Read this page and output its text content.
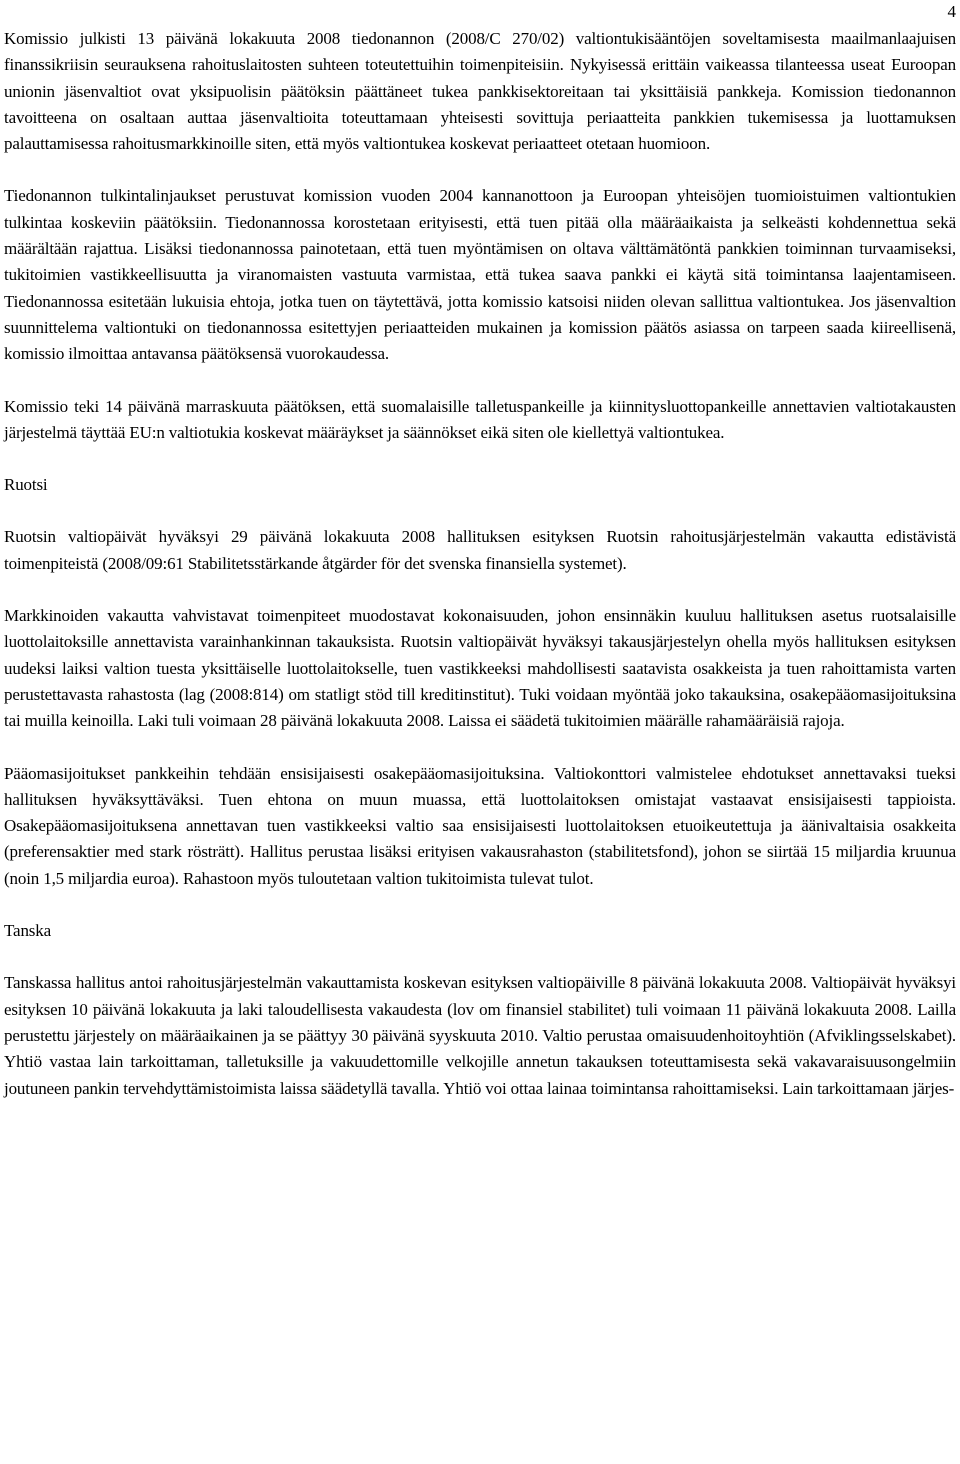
4

Komissio julkisti 13 päivänä lokakuuta 2008 tiedonannon (2008/C 270/02) valtiontukisääntöjen soveltamisesta maailmanlaajuisen finanssikriisin seurauksena rahoituslaitosten suhteen toteutettuihin toimenpiteisiin. Nykyisessä erittäin vaikeassa tilanteessa useat Euroopan unionin jäsenvaltiot ovat yksipuolisin päätöksin päättäneet tukea pankkisektoreitaan tai yksittäisiä pankkeja. Komission tiedonannon tavoitteena on osaltaan auttaa jäsenvaltioita toteuttamaan yhteisesti sovittuja periaatteita pankkien tukemisessa ja luottamuksen palauttamisessa rahoitusmarkkinoille siten, että myös valtiontukea koskevat periaatteet otetaan huomioon.

Tiedonannon tulkintalinjaukset perustuvat komission vuoden 2004 kannanottoon ja Euroopan yhteisöjen tuomioistuimen valtiontukien tulkintaa koskeviin päätöksiin. Tiedonannossa korostetaan erityisesti, että tuen pitää olla määräaikaista ja selkeästi kohdennettua sekä määrältään rajattua. Lisäksi tiedonannossa painotetaan, että tuen myöntämisen on oltava välttämätöntä pankkien toiminnan turvaamiseksi, tukitoimien vastikkeellisuutta ja viranomaisten vastuuta varmistaa, että tukea saava pankki ei käytä sitä toimintansa laajentamiseen. Tiedonannossa esitetään lukuisia ehtoja, jotka tuen on täytettävä, jotta komissio katsoisi niiden olevan sallittua valtiontukea. Jos jäsenvaltion suunnittelema valtiontuki on tiedonannossa esitettyjen periaatteiden mukainen ja komission päätös asiassa on tarpeen saada kiireellisenä, komissio ilmoittaa antavansa päätöksensä vuorokaudessa.

Komissio teki 14 päivänä marraskuuta päätöksen, että suomalaisille talletuspankeille ja kiinnitysluottopankeille annettavien valtiotakausten järjestelmä täyttää EU:n valtiotukia koskevat määräykset ja säännökset eikä siten ole kiellettyä valtiontukea.

Ruotsi

Ruotsin valtiopäivät hyväksyi 29 päivänä lokakuuta 2008 hallituksen esityksen Ruotsin rahoitusjärjestelmän vakautta edistävistä toimenpiteistä (2008/09:61 Stabilitetsstärkande åtgärder för det svenska finansiella systemet).

Markkinoiden vakautta vahvistavat toimenpiteet muodostavat kokonaisuuden, johon ensinnäkin kuuluu hallituksen asetus ruotsalaisille luottolaitoksille annettavista varainhankinnan takauksista. Ruotsin valtiopäivät hyväksyi takausjärjestelyn ohella myös hallituksen esityksen uudeksi laiksi valtion tuesta yksittäiselle luottolaitokselle, tuen vastikkeeksi mahdollisesti saatavista osakkeista ja tuen rahoittamista varten perustettavasta rahastosta (lag (2008:814) om statligt stöd till kreditinstitut). Tuki voidaan myöntää joko takauksina, osakepääomasijoituksina tai muilla keinoilla. Laki tuli voimaan 28 päivänä lokakuuta 2008. Laissa ei säädetä tukitoimien määrälle rahamääräisiä rajoja.

Pääomasijoitukset pankkeihin tehdään ensisijaisesti osakepääomasijoituksina. Valtiokonttori valmistelee ehdotukset annettavaksi tueksi hallituksen hyväksyttäväksi. Tuen ehtona on muun muassa, että luottolaitoksen omistajat vastaavat ensisijaisesti tappioista. Osakepääomasijoituksena annettavan tuen vastikkeeksi valtio saa ensisijaisesti luottolaitoksen etuoikeutettuja ja äänivaltaisia osakkeita (preferensaktier med stark rösträtt). Hallitus perustaa lisäksi erityisen vakausrahaston (stabilitetsfond), johon se siirtää 15 miljardia kruunua (noin 1,5 miljardia euroa). Rahastoon myös tuloutetaan valtion tukitoimista tulevat tulot.

Tanska

Tanskassa hallitus antoi rahoitusjärjestelmän vakauttamista koskevan esityksen valtiopäiville 8 päivänä lokakuuta 2008. Valtiopäivät hyväksyi esityksen 10 päivänä lokakuuta ja laki taloudellisesta vakaudesta (lov om finansiel stabilitet) tuli voimaan 11 päivänä lokakuuta 2008. Lailla perustettu järjestely on määräaikainen ja se päättyy 30 päivänä syyskuuta 2010. Valtio perustaa omaisuudenhoitoyhtiön (Afviklingsselskabet). Yhtiö vastaa lain tarkoittaman, talletuksille ja vakuudettomille velkojille annetun takauksen toteuttamisesta sekä vakavaraisuusongelmiin joutuneen pankin tervehdyttämistoimista laissa säädetyllä tavalla. Yhtiö voi ottaa lainaa toimintansa rahoittamiseksi. Lain tarkoittamaan järjes-
